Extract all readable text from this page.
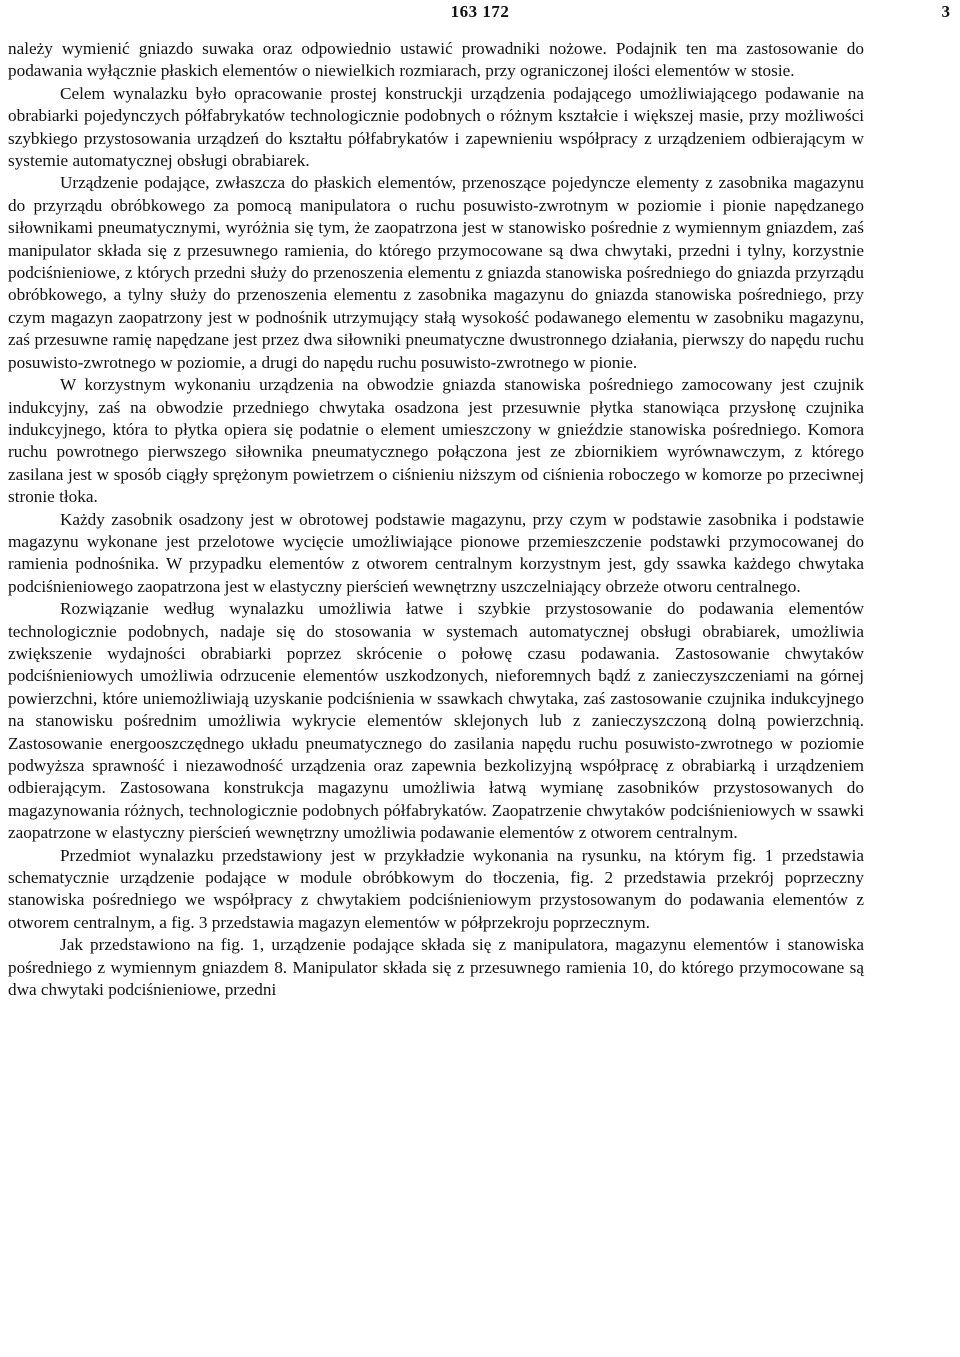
163 172	3

należy wymienić gniazdo suwaka oraz odpowiednio ustawić prowadniki nożowe. Podajnik ten ma zastosowanie do podawania wyłącznie płaskich elementów o niewielkich rozmiarach, przy ograniczonej ilości elementów w stosie.

Celem wynalazku było opracowanie prostej konstruckji urządzenia podającego umożliwiającego podawanie na obrabiarki pojedynczych półfabrykatów technologicznie podobnych o różnym kształcie i większej masie, przy możliwości szybkiego przystosowania urządzeń do kształtu półfabrykatów i zapewnieniu współpracy z urządzeniem odbierającym w systemie automatycznej obsługi obrabiarek.

Urządzenie podające, zwłaszcza do płaskich elementów, przenoszące pojedyncze elementy z zasobnika magazynu do przyrządu obróbkowego za pomocą manipulatora o ruchu posuwisto-zwrotnym w poziomie i pionie napędzanego siłownikami pneumatycznymi, wyróżnia się tym, że zaopatrzona jest w stanowisko pośrednie z wymiennym gniazdem, zaś manipulator składa się z przesuwnego ramienia, do którego przymocowane są dwa chwytaki, przedni i tylny, korzystnie podciśnieniowe, z których przedni służy do przenoszenia elementu z gniazda stanowiska pośredniego do gniazda przyrządu obróbkowego, a tylny służy do przenoszenia elementu z zasobnika magazynu do gniazda stanowiska pośredniego, przy czym magazyn zaopatrzony jest w podnośnik utrzymujący stałą wysokość podawanego elementu w zasobniku magazynu, zaś przesuwne ramię napędzane jest przez dwa siłowniki pneumatyczne dwustronnego działania, pierwszy do napędu ruchu posuwisto-zwrotnego w poziomie, a drugi do napędu ruchu posuwisto-zwrotnego w pionie.

W korzystnym wykonaniu urządzenia na obwodzie gniazda stanowiska pośredniego zamocowany jest czujnik indukcyjny, zaś na obwodzie przedniego chwytaka osadzona jest przesuwnie płytka stanowiąca przysłonę czujnika indukcyjnego, która to płytka opiera się podatnie o element umieszczony w gnieździe stanowiska pośredniego. Komora ruchu powrotnego pierwszego siłownika pneumatycznego połączona jest ze zbiornikiem wyrównawczym, z którego zasilana jest w sposób ciągły sprężonym powietrzem o ciśnieniu niższym od ciśnienia roboczego w komorze po przeciwnej stronie tłoka.

Każdy zasobnik osadzony jest w obrotowej podstawie magazynu, przy czym w podstawie zasobnika i podstawie magazynu wykonane jest przelotowe wycięcie umożliwiające pionowe przemieszczenie podstawki przymocowanej do ramienia podnośnika. W przypadku elementów z otworem centralnym korzystnym jest, gdy ssawka każdego chwytaka podciśnieniowego zaopatrzona jest w elastyczny pierścień wewnętrzny uszczelniający obrzeże otworu centralnego.

Rozwiązanie według wynalazku umożliwia łatwe i szybkie przystosowanie do podawania elementów technologicznie podobnych, nadaje się do stosowania w systemach automatycznej obsługi obrabiarek, umożliwia zwiększenie wydajności obrabiarki poprzez skrócenie o połowę czasu podawania. Zastosowanie chwytaków podciśnieniowych umożliwia odrzucenie elementów uszkodzonych, nieforemnych bądź z zanieczyszczeniami na górnej powierzchni, które uniemożliwiają uzyskanie podciśnienia w ssawkach chwytaka, zaś zastosowanie czujnika indukcyjnego na stanowisku pośrednim umożliwia wykrycie elementów sklejonych lub z zanieczyszczoną dolną powierzchnią. Zastosowanie energooszczędnego układu pneumatycznego do zasilania napędu ruchu posuwisto-zwrotnego w poziomie podwyższa sprawność i niezawodność urządzenia oraz zapewnia bezkolizyjną współpracę z obrabiarką i urządzeniem odbierającym. Zastosowana konstrukcja magazynu umożliwia łatwą wymianę zasobników przystosowanych do magazynowania różnych, technologicznie podobnych półfabrykatów. Zaopatrzenie chwytaków podciśnieniowych w ssawki zaopatrzone w elastyczny pierścień wewnętrzny umożliwia podawanie elementów z otworem centralnym.

Przedmiot wynalazku przedstawiony jest w przykładzie wykonania na rysunku, na którym fig. 1 przedstawia schematycznie urządzenie podające w module obróbkowym do tłoczenia, fig. 2 przedstawia przekrój poprzeczny stanowiska pośredniego we współpracy z chwytakiem podciśnieniowym przystosowanym do podawania elementów z otworem centralnym, a fig. 3 przedstawia magazyn elementów w półprzekroju poprzecznym.

Jak przedstawiono na fig. 1, urządzenie podające składa się z manipulatora, magazynu elementów i stanowiska pośredniego z wymiennym gniazdem 8. Manipulator składa się z przesuwnego ramienia 10, do którego przymocowane są dwa chwytaki podciśnieniowe, przedni
